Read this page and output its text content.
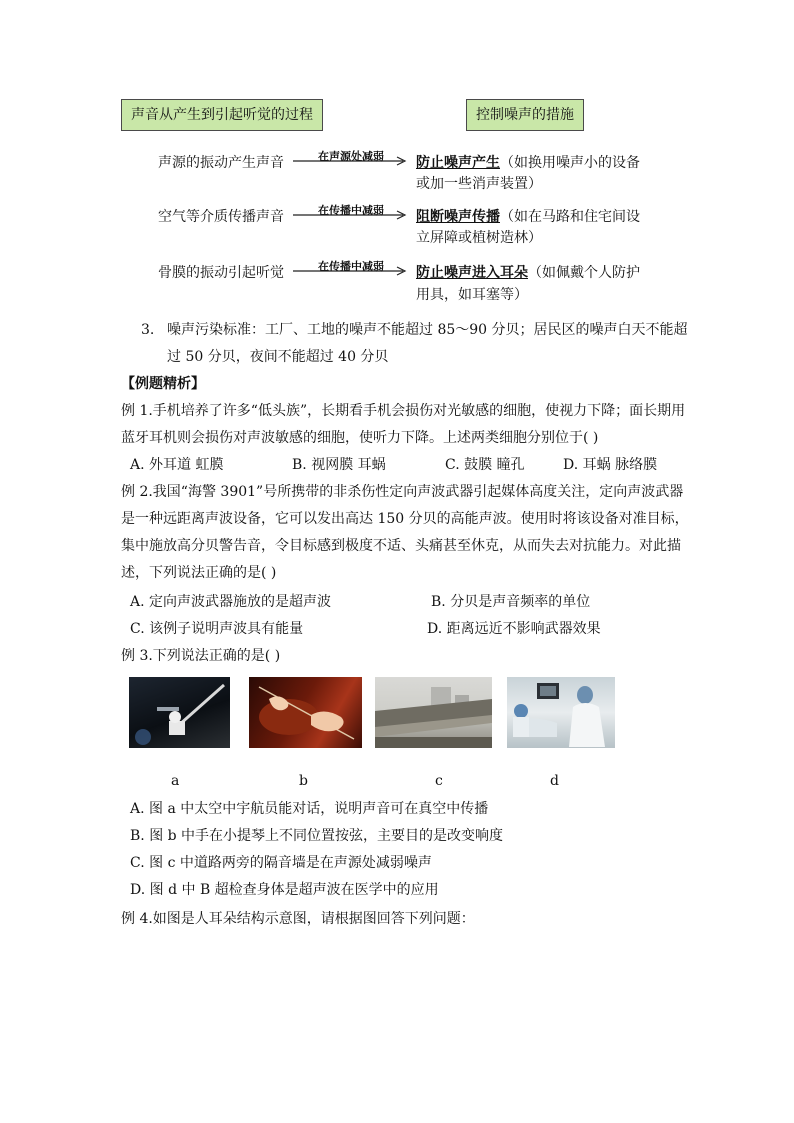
声音从产生到引起听觉的过程	控制噪声的措施
声源的振动产生声音	在声源处减弱	防止噪声产生（如换用噪声小的设备
或加一些消声装置）
空气等介质传播声音	在传播中减弱	阻断噪声传播（如在马路和住宅间设
立屏障或植树造林）
骨膜的振动引起听觉	在传播中减弱	防止噪声进入耳朵（如佩戴个人防护
用具，如耳塞等）
3. 噪声污染标准：工厂、工地的噪声不能超过 85～90 分贝；居民区的噪声白天不能超
过 50 分贝，夜间不能超过 40 分贝
【例题精析】
例 1.手机培养了许多“低头族”，长期看手机会损伤对光敏感的细胞，使视力下降；面长期用
蓝牙耳机则会损伤对声波敏感的细胞，使听力下降。上述两类细胞分别位于( )
A. 外耳道 虹膜	B. 视网膜 耳蜗	C. 鼓膜 瞳孔	D. 耳蜗 脉络膜
例 2.我国“海警 3901”号所携带的非杀伤性定向声波武器引起媒体高度关注，定向声波武器
是一种远距离声波设备，它可以发出高达 150 分贝的高能声波。使用时将该设备对准目标，
集中施放高分贝警告音，令目标感到极度不适、头痛甚至休克，从而失去对抗能力。对此描
述，下列说法正确的是( )
A. 定向声波武器施放的是超声波	B. 分贝是声音频率的单位
C. 该例子说明声波具有能量	D. 距离远近不影响武器效果
例 3.下列说法正确的是( )
a	b	c	d
A. 图 a 中太空中宇航员能对话，说明声音可在真空中传播
B. 图 b 中手在小提琴上不同位置按弦，主要目的是改变响度
C. 图 c 中道路两旁的隔音墙是在声源处减弱噪声
D. 图 d 中 B 超检查身体是超声波在医学中的应用
例 4.如图是人耳朵结构示意图，请根据图回答下列问题：
